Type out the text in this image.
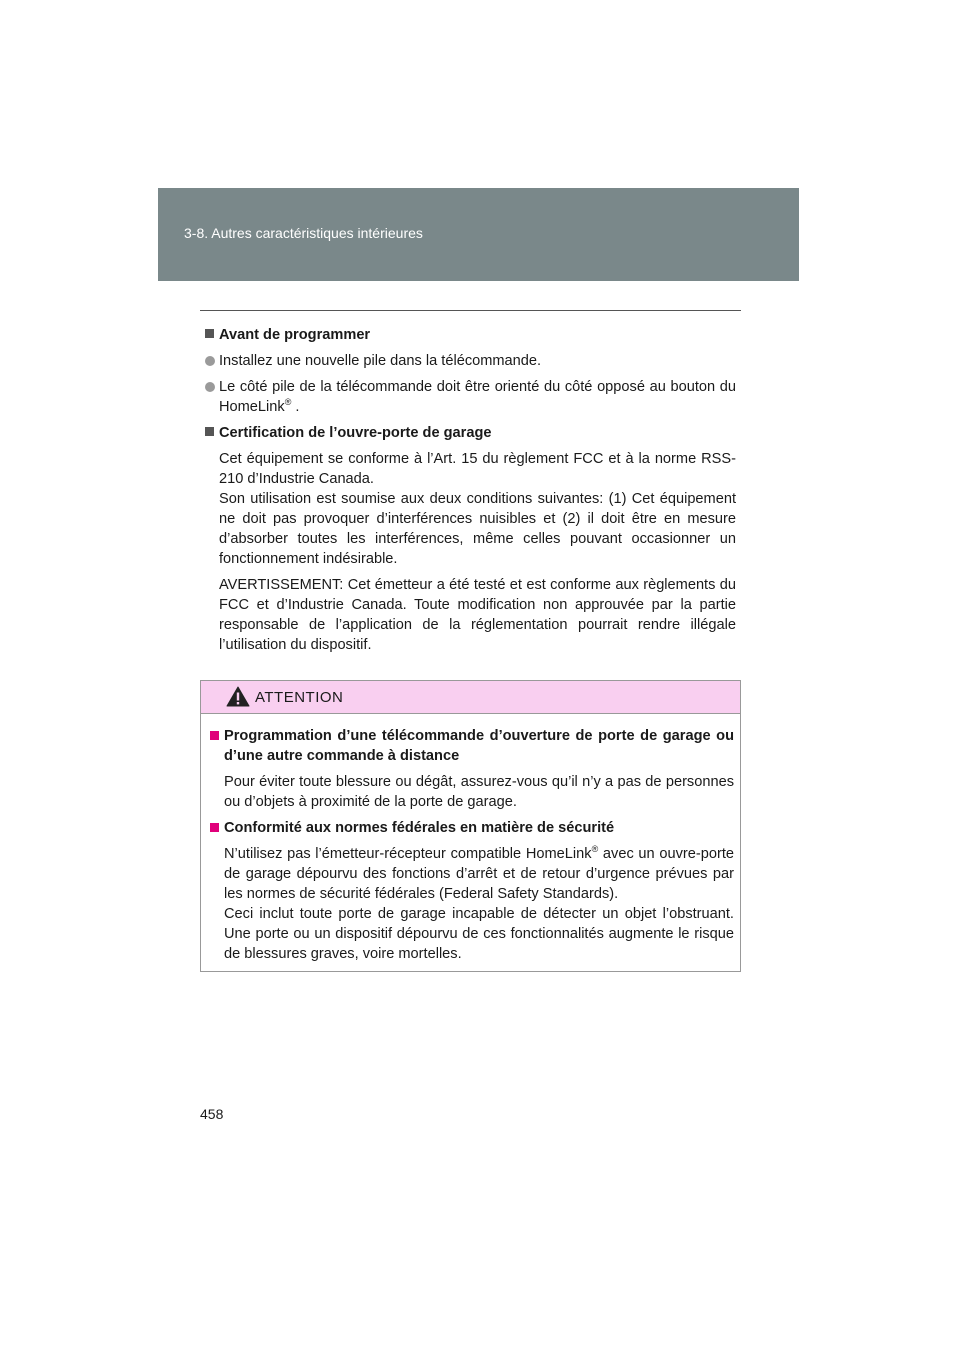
3-8. Autres caractéristiques intérieures

Avant de programmer

Installez une nouvelle pile dans la télécommande.

Le côté pile de la télécommande doit être orienté du côté opposé au bouton du HomeLink® .

Certification de l’ouvre-porte de garage

Cet équipement se conforme à l’Art. 15 du règlement FCC et à la norme RSS-210 d’Industrie Canada.

Son utilisation est soumise aux deux conditions suivantes: (1) Cet équipement ne doit pas provoquer d’interférences nuisibles et (2) il doit être en mesure d’absorber toutes les interférences, même celles pouvant occasionner un fonctionnement indésirable.

AVERTISSEMENT: Cet émetteur a été testé et est conforme aux règlements du FCC et d’Industrie Canada. Toute modification non approuvée par la partie responsable de l’application de la réglementation pourrait rendre illégale l’utilisation du dispositif.

ATTENTION

Programmation d’une télécommande d’ouverture de porte de garage ou d’une autre commande à distance

Pour éviter toute blessure ou dégât, assurez-vous qu’il n’y a pas de personnes ou d’objets à proximité de la porte de garage.

Conformité aux normes fédérales en matière de sécurité

N’utilisez pas l’émetteur-récepteur compatible HomeLink® avec un ouvre-porte de garage dépourvu des fonctions d’arrêt et de retour d’urgence prévues par les normes de sécurité fédérales (Federal Safety Standards).

Ceci inclut toute porte de garage incapable de détecter un objet l’obstruant. Une porte ou un dispositif dépourvu de ces fonctionnalités augmente le risque de blessures graves, voire mortelles.

458
